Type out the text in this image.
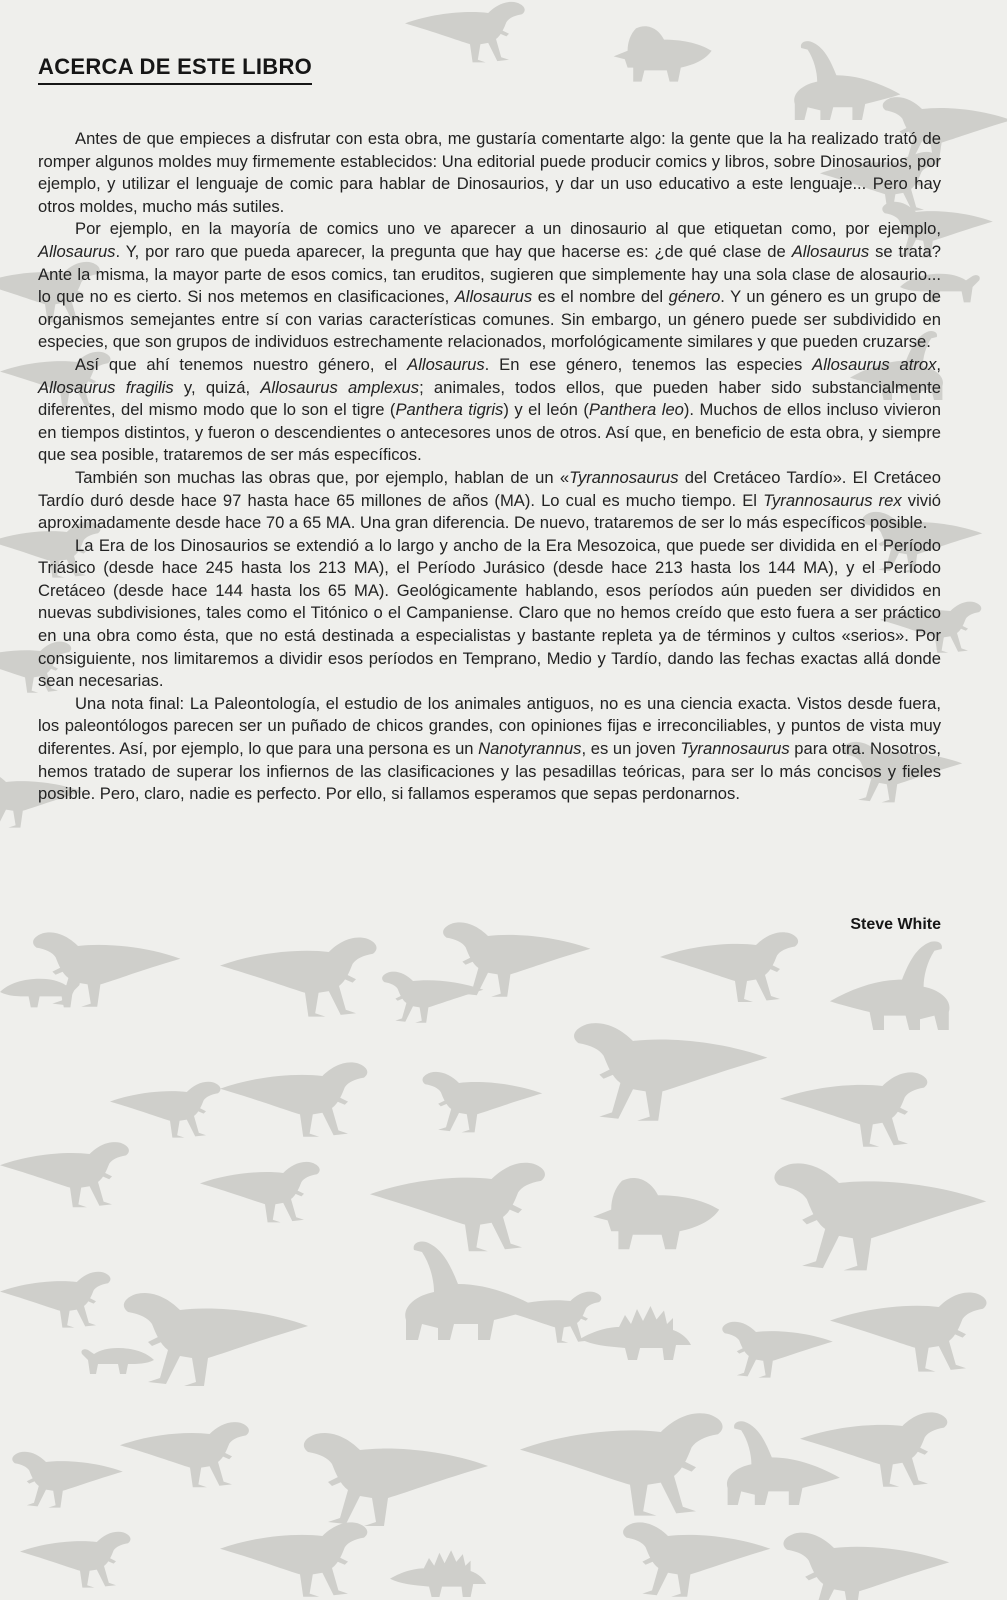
ACERCA DE ESTE LIBRO

Antes de que empieces a disfrutar con esta obra, me gustaría comentarte algo: la gente que la ha realizado trató de romper algunos moldes muy firmemente establecidos: Una editorial puede producir comics y libros, sobre Dinosaurios, por ejemplo, y utilizar el lenguaje de comic para hablar de Dinosaurios, y dar un uso educativo a este lenguaje... Pero hay otros moldes, mucho más sutiles.

Por ejemplo, en la mayoría de comics uno ve aparecer a un dinosaurio al que etiquetan como, por ejemplo, Allosaurus. Y, por raro que pueda aparecer, la pregunta que hay que hacerse es: ¿de qué clase de Allosaurus se trata? Ante la misma, la mayor parte de esos comics, tan eruditos, sugieren que simplemente hay una sola clase de alosaurio... lo que no es cierto. Si nos metemos en clasificaciones, Allosaurus es el nombre del género. Y un género es un grupo de organismos semejantes entre sí con varias características comunes. Sin embargo, un género puede ser subdividido en especies, que son grupos de individuos estrechamente relacionados, morfológicamente similares y que pueden cruzarse.

Así que ahí tenemos nuestro género, el Allosaurus. En ese género, tenemos las especies Allosaurus atrox, Allosaurus fragilis y, quizá, Allosaurus amplexus; animales, todos ellos, que pueden haber sido substancialmente diferentes, del mismo modo que lo son el tigre (Panthera tigris) y el león (Panthera leo). Muchos de ellos incluso vivieron en tiempos distintos, y fueron o descendientes o antecesores unos de otros. Así que, en beneficio de esta obra, y siempre que sea posible, trataremos de ser más específicos.

También son muchas las obras que, por ejemplo, hablan de un «Tyrannosaurus del Cretáceo Tardío». El Cretáceo Tardío duró desde hace 97 hasta hace 65 millones de años (MA). Lo cual es mucho tiempo. El Tyrannosaurus rex vivió aproximadamente desde hace 70 a 65 MA. Una gran diferencia. De nuevo, trataremos de ser lo más específicos posible.

La Era de los Dinosaurios se extendió a lo largo y ancho de la Era Mesozoica, que puede ser dividida en el Período Triásico (desde hace 245 hasta los 213 MA), el Período Jurásico (desde hace 213 hasta los 144 MA), y el Período Cretáceo (desde hace 144 hasta los 65 MA). Geológicamente hablando, esos períodos aún pueden ser divididos en nuevas subdivisiones, tales como el Titónico o el Campaniense. Claro que no hemos creído que esto fuera a ser práctico en una obra como ésta, que no está destinada a especialistas y bastante repleta ya de términos y cultos «serios». Por consiguiente, nos limitaremos a dividir esos períodos en Temprano, Medio y Tardío, dando las fechas exactas allá donde sean necesarias.

Una nota final: La Paleontología, el estudio de los animales antiguos, no es una ciencia exacta. Vistos desde fuera, los paleontólogos parecen ser un puñado de chicos grandes, con opiniones fijas e irreconciliables, y puntos de vista muy diferentes. Así, por ejemplo, lo que para una persona es un Nanotyrannus, es un joven Tyrannosaurus para otra. Nosotros, hemos tratado de superar los infiernos de las clasificaciones y las pesadillas teóricas, para ser lo más concisos y fieles posible. Pero, claro, nadie es perfecto. Por ello, si fallamos esperamos que sepas perdonarnos.

Steve White
